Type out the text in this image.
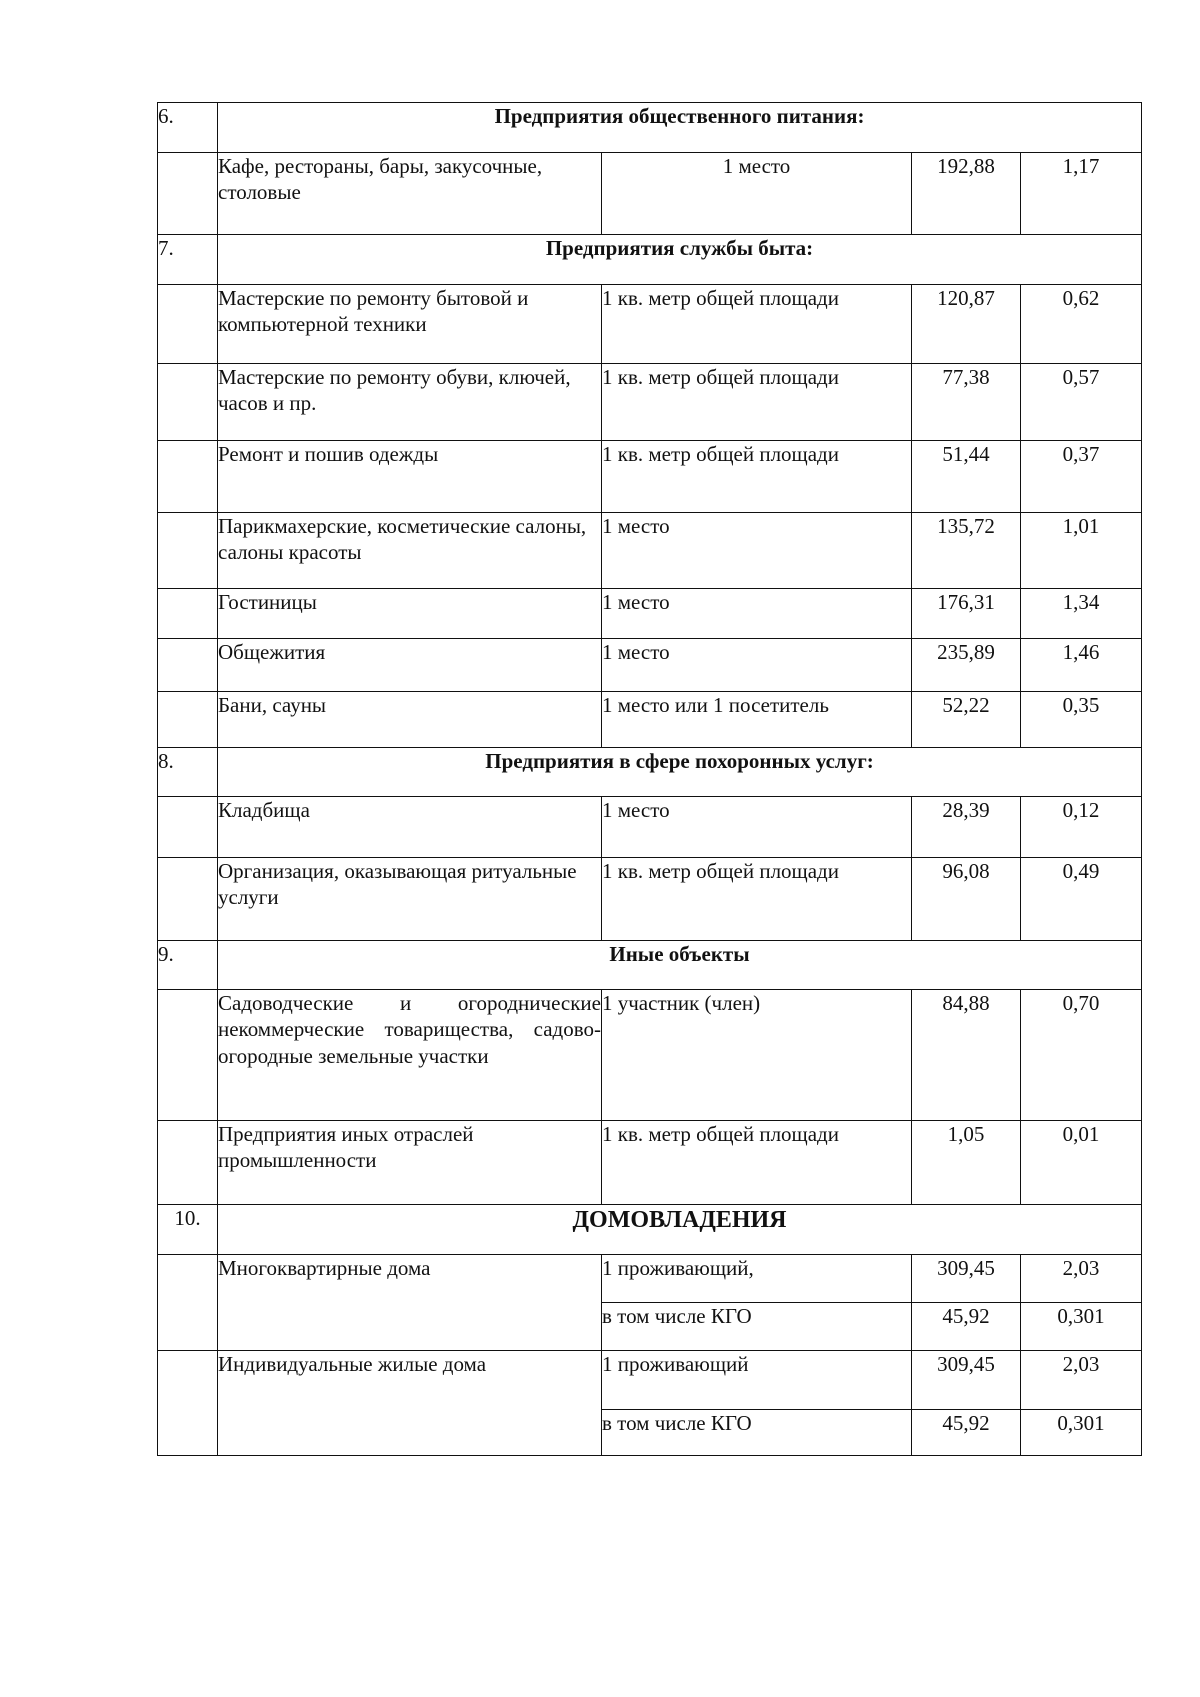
6.	Предприятия общественного питания:			
	Кафе, рестораны, бары, закусочные, столовые	1 место	192,88	1,17
7.	Предприятия службы быта:			
	Мастерские по ремонту бытовой и компьютерной техники	1 кв. метр общей площади	120,87	0,62
	Мастерские по ремонту обуви, ключей, часов и пр.	1 кв. метр общей площади	77,38	0,57
	Ремонт и пошив одежды	1 кв. метр общей площади	51,44	0,37
	Парикмахерские, косметические салоны, салоны красоты	1 место	135,72	1,01
	Гостиницы	1 место	176,31	1,34
	Общежития	1 место	235,89	1,46
	Бани, сауны	1 место или 1 посетитель	52,22	0,35
8.	Предприятия в сфере похоронных услуг:			
	Кладбища	1 место	28,39	0,12
	Организация, оказывающая ритуальные услуги	1 кв. метр общей площади	96,08	0,49
9.	Иные объекты			
	Садоводческие и огороднические некоммерческие товарищества, садово-огородные земельные участки	1 участник (член)	84,88	0,70
	Предприятия иных отраслей промышленности	1 кв. метр общей площади	1,05	0,01
10.	ДОМОВЛАДЕНИЯ			
	Многоквартирные дома	1 проживающий,	309,45	2,03
		в том числе КГО	45,92	0,301
	Индивидуальные жилые дома	1 проживающий	309,45	2,03
		в том числе КГО	45,92	0,301
